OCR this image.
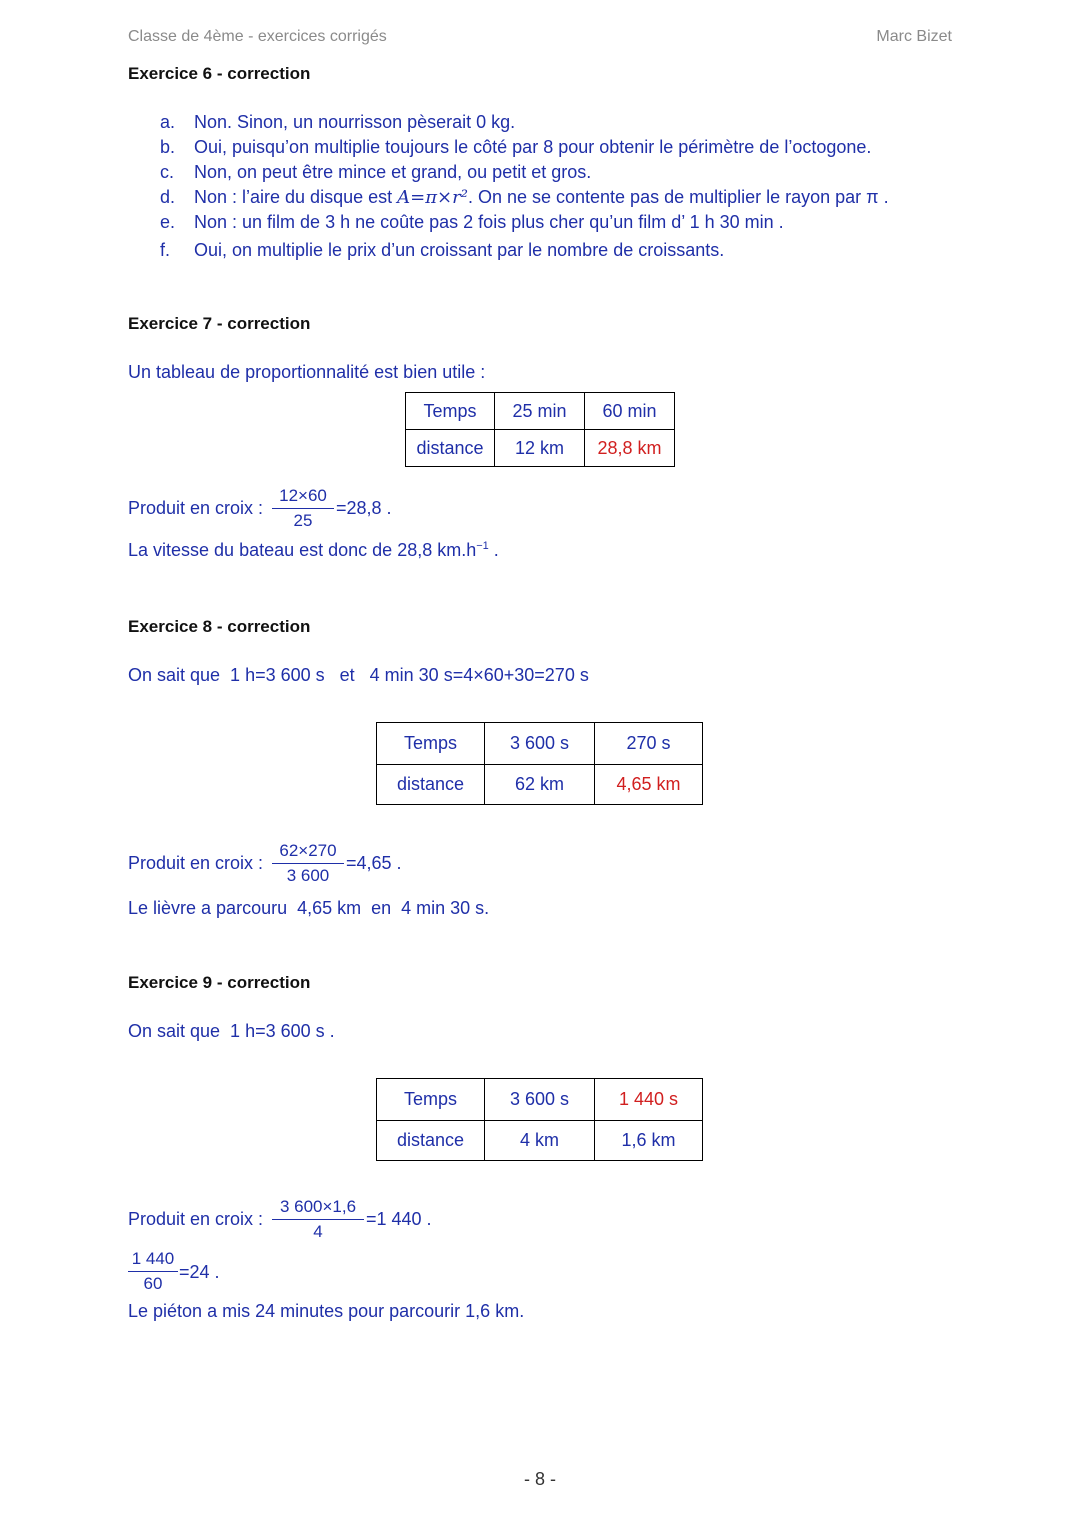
Classe de 4ème - exercices corrigés	Marc Bizet
Exercice 6 - correction
a. Non. Sinon, un nourrisson pèserait 0 kg.
b. Oui, puisqu’on multiplie toujours le côté par 8 pour obtenir le périmètre de l’octogone.
c. Non, on peut être mince et grand, ou petit et gros.
d. Non : l’aire du disque est A=π×r². On ne se contente pas de multiplier le rayon par π .
e. Non : un film de 3 h ne coûte pas 2 fois plus cher qu’un film d’ 1 h 30 min .
f. Oui, on multiplie le prix d’un croissant par le nombre de croissants.
Exercice 7 - correction
Un tableau de proportionnalité est bien utile :
Temps	25 min	60 min
distance	12 km	28,8 km
Produit en croix :
12×60
25
=28,8 .
La vitesse du bateau est donc de 28,8 $km.h^{-1}$ .
Exercice 8 - correction
On sait que  1 h=3 600 s   et   4 min 30 s=4×60+30=270 s
Temps	3 600 s	270 s
distance	62 km	4,65 km
Produit en croix :
62×270
3 600
=4,65 .
Le lièvre a parcouru  4,65 km  en  4 min 30 s.
Exercice 9 - correction
On sait que  1 h=3 600 s .
Temps	3 600 s	1 440 s
distance	4 km	1,6 km
Produit en croix :
3 600×1,6
4
=1 440 .
1 440
60
=24 .
Le piéton a mis 24 minutes pour parcourir 1,6 km.
- 8 -
